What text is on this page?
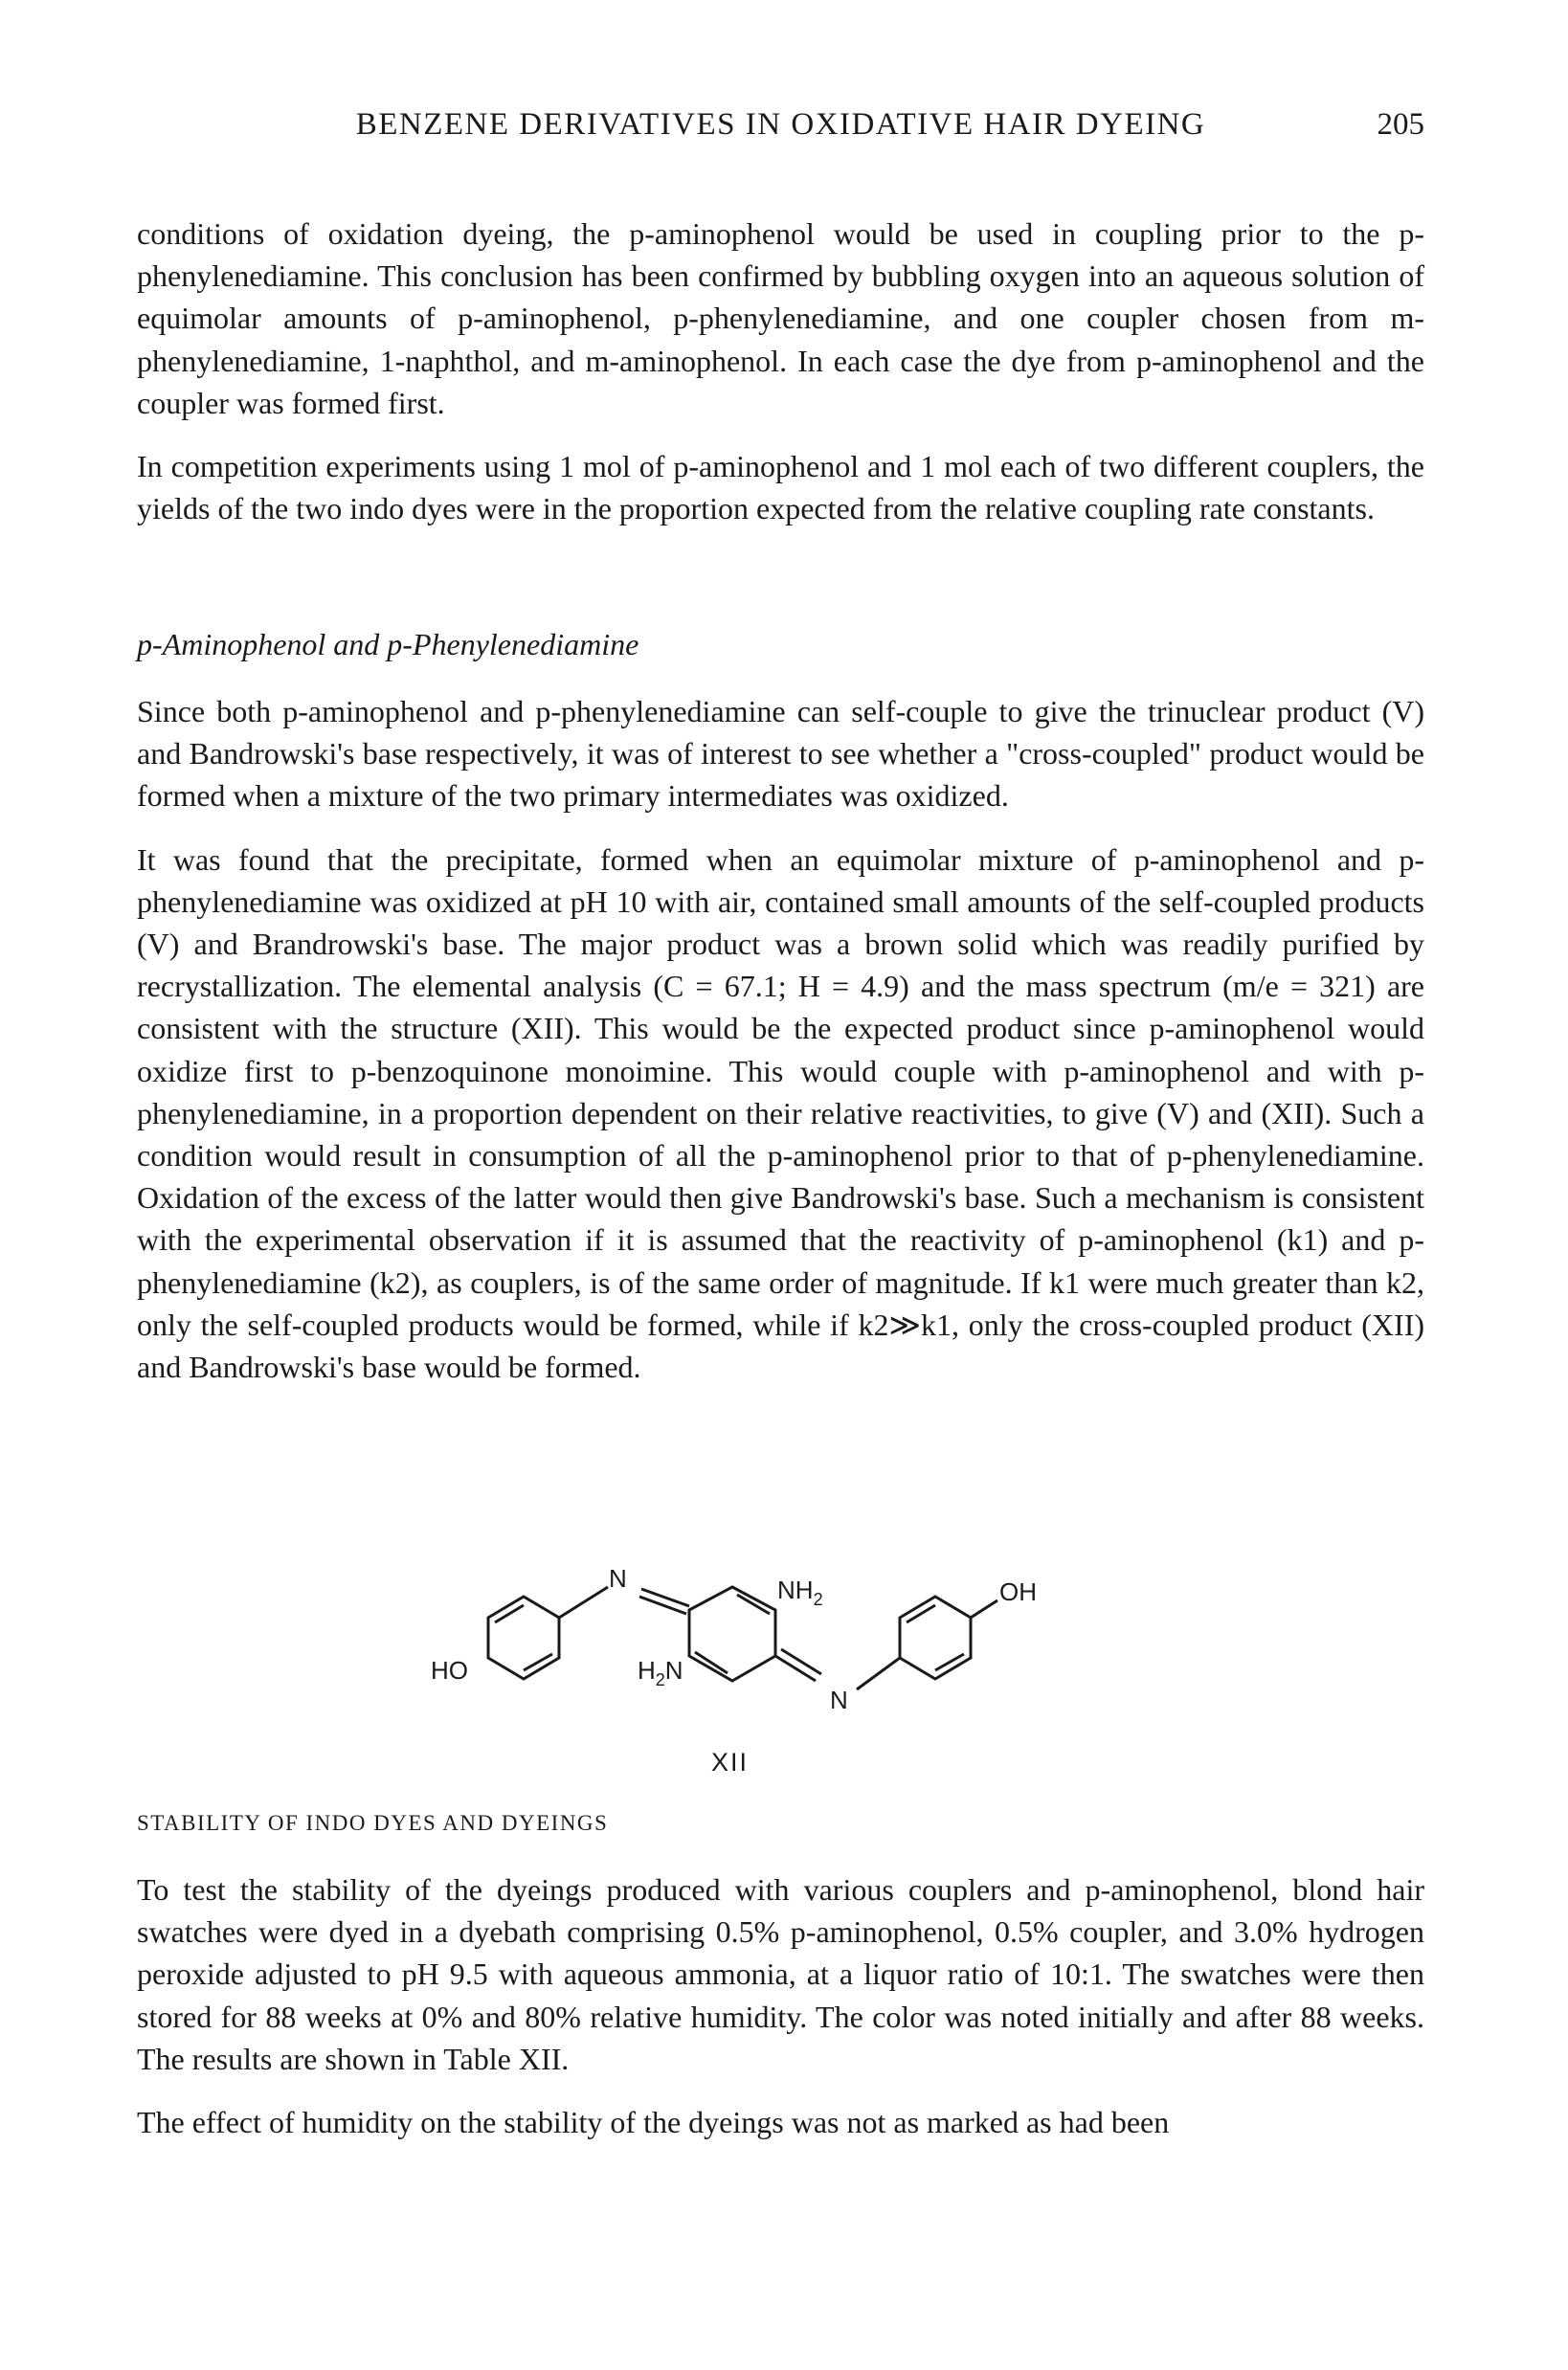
BENZENE DERIVATIVES IN OXIDATIVE HAIR DYEING	205

conditions of oxidation dyeing, the p-aminophenol would be used in coupling prior to the p-phenylenediamine. This conclusion has been confirmed by bubbling oxygen into an aqueous solution of equimolar amounts of p-aminophenol, p-phenylenediamine, and one coupler chosen from m-phenylenediamine, 1-naphthol, and m-aminophenol. In each case the dye from p-aminophenol and the coupler was formed first.

In competition experiments using 1 mol of p-aminophenol and 1 mol each of two different couplers, the yields of the two indo dyes were in the proportion expected from the relative coupling rate constants.

p-Aminophenol and p-Phenylenediamine

Since both p-aminophenol and p-phenylenediamine can self-couple to give the trinuclear product (V) and Bandrowski's base respectively, it was of interest to see whether a "cross-coupled" product would be formed when a mixture of the two primary intermediates was oxidized.

It was found that the precipitate, formed when an equimolar mixture of p-aminophenol and p-phenylenediamine was oxidized at pH 10 with air, contained small amounts of the self-coupled products (V) and Brandrowski's base. The major product was a brown solid which was readily purified by recrystallization. The elemental analysis (C = 67.1; H = 4.9) and the mass spectrum (m/e = 321) are consistent with the structure (XII). This would be the expected product since p-aminophenol would oxidize first to p-benzoquinone monoimine. This would couple with p-aminophenol and with p-phenylenediamine, in a proportion dependent on their relative reactivities, to give (V) and (XII). Such a condition would result in consumption of all the p-aminophenol prior to that of p-phenylenediamine. Oxidation of the excess of the latter would then give Bandrowski's base. Such a mechanism is consistent with the experimental observation if it is assumed that the reactivity of p-aminophenol (k1) and p-phenylenediamine (k2), as couplers, is of the same order of magnitude. If k1 were much greater than k2, only the self-coupled products would be formed, while if k2≫k1, only the cross-coupled product (XII) and Bandrowski's base would be formed.

HO
N	$NH_2$
$H_2N$
N
OH
XII
STABILITY OF INDO DYES AND DYEINGS

To test the stability of the dyeings produced with various couplers and p-aminophenol, blond hair swatches were dyed in a dyebath comprising 0.5% p-aminophenol, 0.5% coupler, and 3.0% hydrogen peroxide adjusted to pH 9.5 with aqueous ammonia, at a liquor ratio of 10:1. The swatches were then stored for 88 weeks at 0% and 80% relative humidity. The color was noted initially and after 88 weeks. The results are shown in Table XII.

The effect of humidity on the stability of the dyeings was not as marked as had been
